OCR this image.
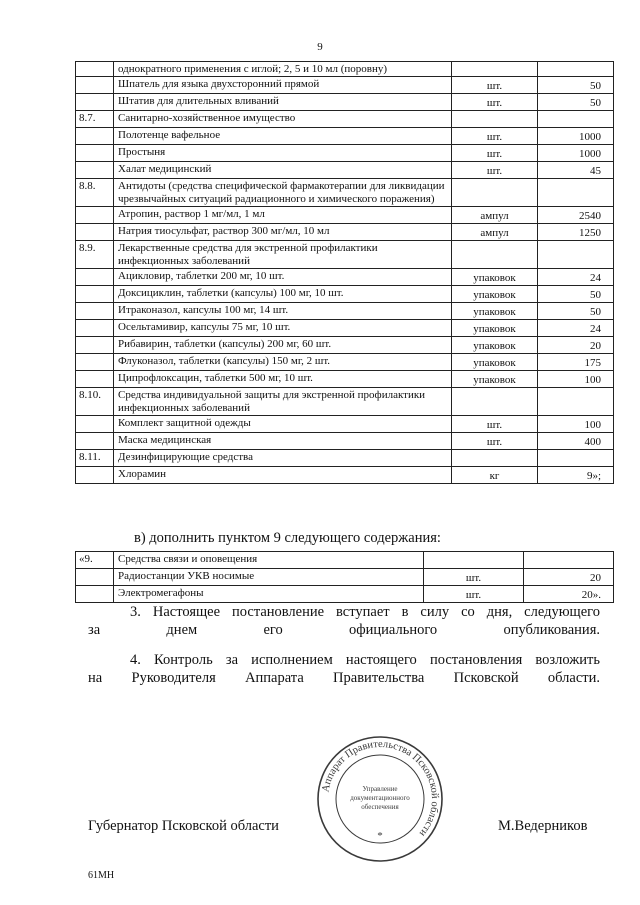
9
	однократного применения с иглой; 2, 5 и 10 мл (поровну)		
	Шпатель для языка двухсторонний прямой	шт.	50
	Штатив для длительных вливаний	шт.	50
8.7.	Санитарно-хозяйственное имущество		
	Полотенце вафельное	шт.	1000
	Простыня	шт.	1000
	Халат медицинский	шт.	45
8.8.	Антидоты (средства специфической фармакотерапии для ликвидации чрезвычайных ситуаций радиационного и химического поражения)		
	Атропин, раствор 1 мг/мл, 1 мл	ампул	2540
	Натрия тиосульфат, раствор 300 мг/мл, 10 мл	ампул	1250
8.9.	Лекарственные средства для экстренной профилактики инфекционных заболеваний		
	Ацикловир, таблетки 200 мг, 10 шт.	упаковок	24
	Доксициклин, таблетки (капсулы) 100 мг, 10 шт.	упаковок	50
	Итраконазол, капсулы 100 мг, 14 шт.	упаковок	50
	Осельтамивир, капсулы 75 мг, 10 шт.	упаковок	24
	Рибавирин, таблетки (капсулы) 200 мг, 60 шт.	упаковок	20
	Флуконазол, таблетки (капсулы) 150 мг, 2 шт.	упаковок	175
	Ципрофлоксацин, таблетки 500 мг, 10 шт.	упаковок	100
8.10.	Средства индивидуальной защиты для экстренной профилактики инфекционных заболеваний		
	Комплект защитной одежды	шт.	100
	Маска медицинская	шт.	400
8.11.	Дезинфицирующие средства		
	Хлорамин	кг	9»;
в) дополнить пунктом 9 следующего содержания:
«9.	Средства связи и оповещения		
	Радиостанции УКВ носимые	шт.	20
	Электромегафоны	шт.	20».
3. Настоящее постановление вступает в силу со дня, следующего
за днем его официального опубликования.
4. Контроль за исполнением настоящего постановления возложить
на Руководителя Аппарата Правительства Псковской области.
Губернатор Псковской области	М.Ведерников
Аппарат Правительства Псковской области
Управление
документационного
обеспечения
*
61МН
